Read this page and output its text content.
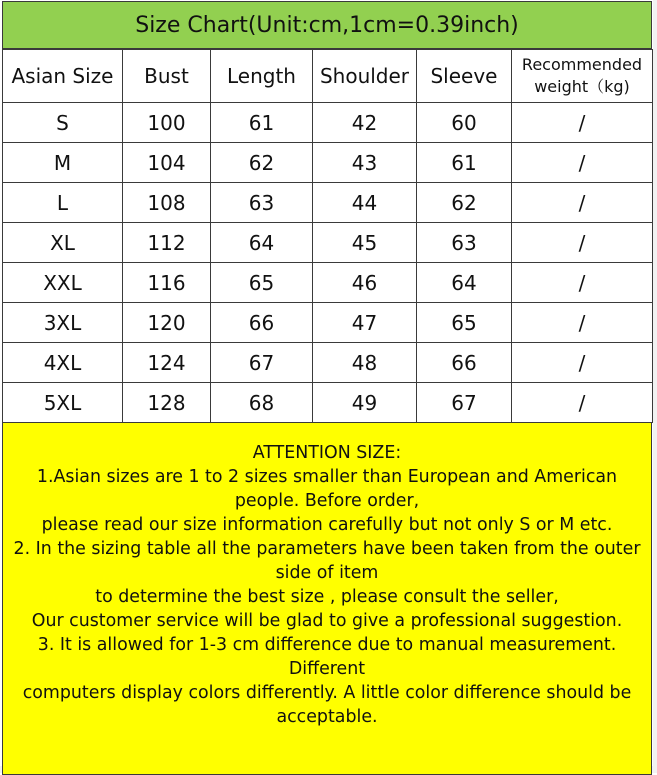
Size Chart(Unit:cm,1cm=0.39inch)
Asian Size	Bust	Length	Shoulder	Sleeve	Recommended
weight（kg)
S	100	61	42	60	/
M	104	62	43	61	/
L	108	63	44	62	/
XL	112	64	45	63	/
XXL	116	65	46	64	/
3XL	120	66	47	65	/
4XL	124	67	48	66	/
5XL	128	68	49	67	/

ATTENTION SIZE:

1.Asian sizes are 1 to 2 sizes smaller than European and American people. Before order,

please read our size information carefully but not only S or M etc.

2. In the sizing table all the parameters have been taken from the outer side of item

to determine the best size , please consult the seller,

Our customer service will be glad to give a professional suggestion.

3. It is allowed for 1-3 cm difference due to manual measurement. Different

computers display colors differently. A little color difference should be acceptable.
